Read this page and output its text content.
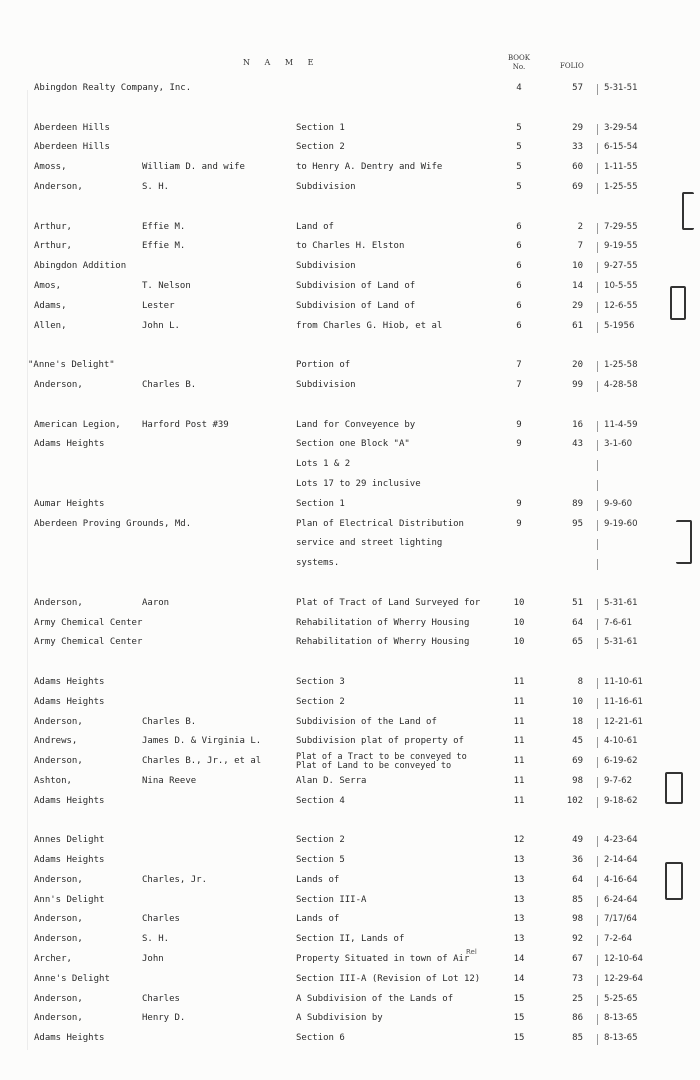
N A M E	BOOK
No.	FOLIO
Abingdon Realty Company, Inc.	4	57 5-31-51
Aberdeen Hills	Section 1	5	29 3-29-54
Aberdeen Hills	Section 2	5	33 6-15-54
Amoss,	William D. and wife	to Henry A. Dentry and Wife	5	60 1-11-55
Anderson,	S. H.	Subdivision	5	69 1-25-55
Arthur,	Effie M.	Land of	6	2 7-29-55
Arthur,	Effie M.	to Charles H. Elston	6	7 9-19-55
Abingdon Addition	Subdivision	6	10 9-27-55
Amos,	T. Nelson	Subdivision of Land of	6	14 10-5-55
Adams,	Lester	Subdivision of Land of	6	29 12-6-55
Allen,	John L.	from Charles G. Hiob, et al	6	61 5-1956
"Anne's Delight"	Portion of	7	20 1-25-58
Anderson,	Charles B.	Subdivision	7	99 4-28-58
American Legion, Harford Post #39	Land for Conveyence by	9	16 11-4-59
Adams Heights	Section one Block "A"	9	43 3-1-60
Lots 1 & 2
Lots 17 to 29 inclusive
Aumar Heights	Section 1	9	89 9-9-60
Aberdeen Proving Grounds, Md.	Plan of Electrical Distribution	9	95 9-19-60
service and street lighting
systems.
Anderson,	Aaron	Plat of Tract of Land Surveyed for	10	51 5-31-61
Army Chemical Center	Rehabilitation of Wherry Housing	10	64 7-6-61
Army Chemical Center	Rehabilitation of Wherry Housing	10	65 5-31-61
Adams Heights	Section 3	11	8 11-10-61
Adams Heights	Section 2	11	10 11-16-61
Anderson,	Charles B.	Subdivision of the Land of	11	18 12-21-61
Andrews,	James D. & Virginia L.	Subdivision plat of property of	11	45 4-10-61
Anderson,	Charles B., Jr., et al	Plat of a Tract to be conveyed to
Plat of Land to be conveyed to	11	69 6-19-62
Ashton,	Nina Reeve	Alan D. Serra	11	98 9-7-62
Adams Heights	Section 4	11	102 9-18-62
Annes Delight	Section 2	12	49 4-23-64
Adams Heights	Section 5	13	36 2-14-64
Anderson,	Charles, Jr.	Lands of	13	64 4-16-64
Ann's Delight	Section III-A	13	85 6-24-64
Anderson,	Charles	Lands of	13	98 7/17/64
Anderson,	S. H.	Section II, Lands of	13	92 7-2-64
Archer,	John	Property Situated in town of Air	14	67 12-10-64
Rel
Anne's Delight	Section III-A (Revision of Lot 12)	14	73 12-29-64
Anderson,	Charles	A Subdivision of the Lands of	15	25 5-25-65
Anderson,	Henry D.	A Subdivision by	15	86 8-13-65
Adams Heights	Section 6	15	85 8-13-65
